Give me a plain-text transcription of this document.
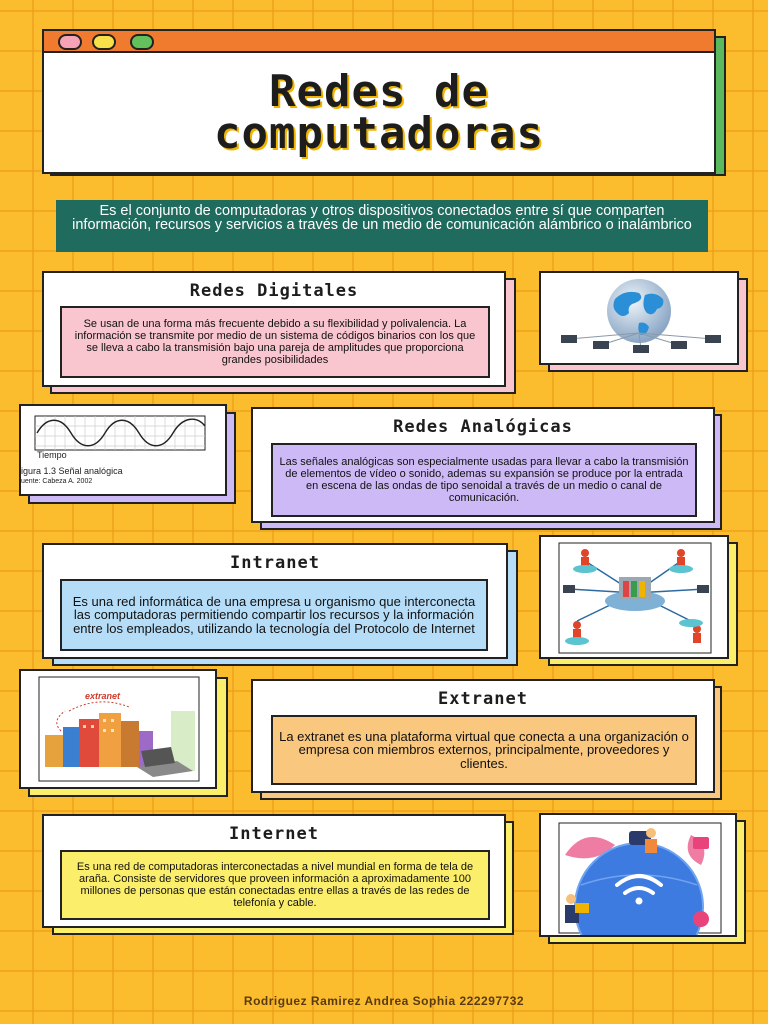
Redes de
computadoras
Es el conjunto de computadoras y otros dispositivos conectados entre sí que comparten información, recursos y servicios a través de un medio de comunicación alámbrico o inalámbrico
Redes Digitales
Se usan de una forma más frecuente debido a su flexibilidad y polivalencia. La información se transmite por medio de un sistema de códigos binarios con los que se lleva a cabo la transmisión bajo una pareja de amplitudes que proporciona grandes posibilidades
Tiempo
igura 1.3 Señal analógica
uente: Cabeza A. 2002
Redes Analógicas
Las señales analógicas son especialmente usadas para llevar a cabo la transmisión de elementos de vídeo o sonido, ademas su expansión se produce por la entrada en escena de las ondas de tipo senoidal a través de un medio o canal de comunicación.
Intranet
Es una red informática de una empresa u organismo que interconecta las computadoras permitiendo compartir los recursos y la información entre los empleados, utilizando la tecnología del Protocolo de Internet
extranet	Extranet
La extranet es una plataforma virtual que conecta a una organización o empresa con miembros externos, principalmente, proveedores y clientes.
Internet
Es una red de computadoras interconectadas a nivel mundial en forma de tela de araña. Consiste de servidores que proveen información a aproximadamente 100 millones de personas que están conectadas entre ellas a través de las redes de telefonía y cable.
Rodriguez Ramirez Andrea Sophia 222297732
